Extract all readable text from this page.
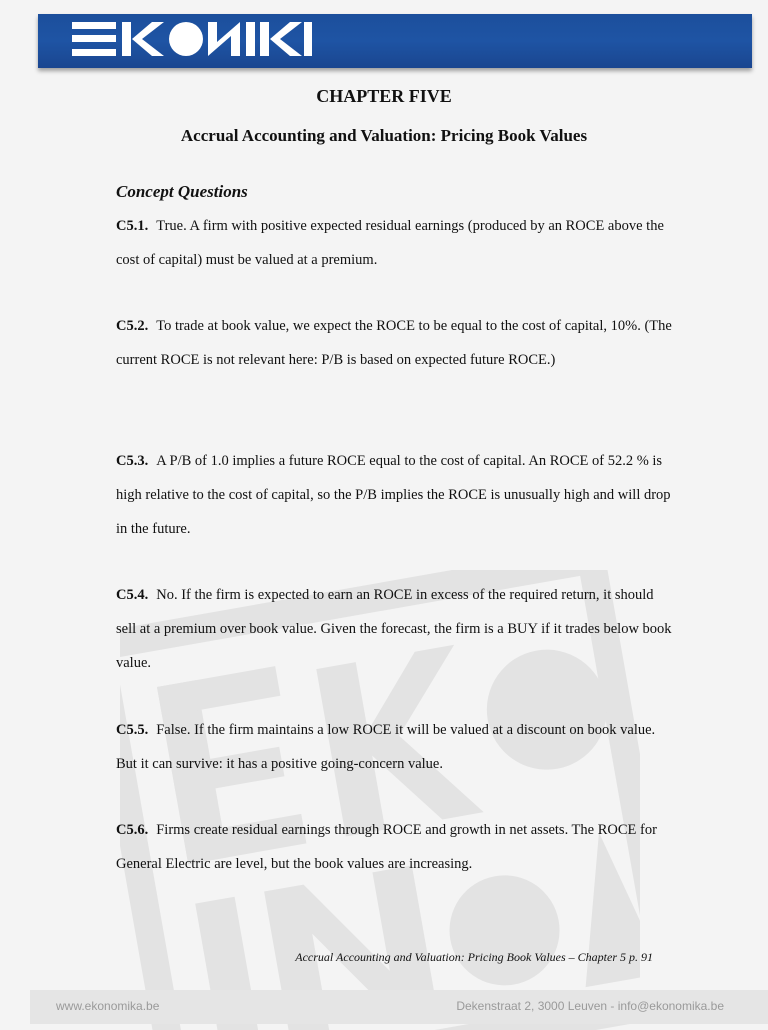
CHAPTER FIVE
Accrual Accounting and Valuation: Pricing Book Values
Concept Questions

C5.1. True. A firm with positive expected residual earnings (produced by an ROCE above the cost of capital) must be valued at a premium.

C5.2. To trade at book value, we expect the ROCE to be equal to the cost of capital, 10%. (The current ROCE is not relevant here: P/B is based on expected future ROCE.)

C5.3. A P/B of 1.0 implies a future ROCE equal to the cost of capital. An ROCE of 52.2 % is high relative to the cost of capital, so the P/B implies the ROCE is unusually high and will drop in the future.

C5.4. No. If the firm is expected to earn an ROCE in excess of the required return, it should sell at a premium over book value. Given the forecast, the firm is a BUY if it trades below book value.

C5.5. False. If the firm maintains a low ROCE it will be valued at a discount on book value. But it can survive: it has a positive going-concern value.

C5.6. Firms create residual earnings through ROCE and growth in net assets. The ROCE for General Electric are level, but the book values are increasing.

Accrual Accounting and Valuation: Pricing Book Values – Chapter 5 p. 91
www.ekonomika.be	Dekenstraat 2, 3000 Leuven - info@ekonomika.be
